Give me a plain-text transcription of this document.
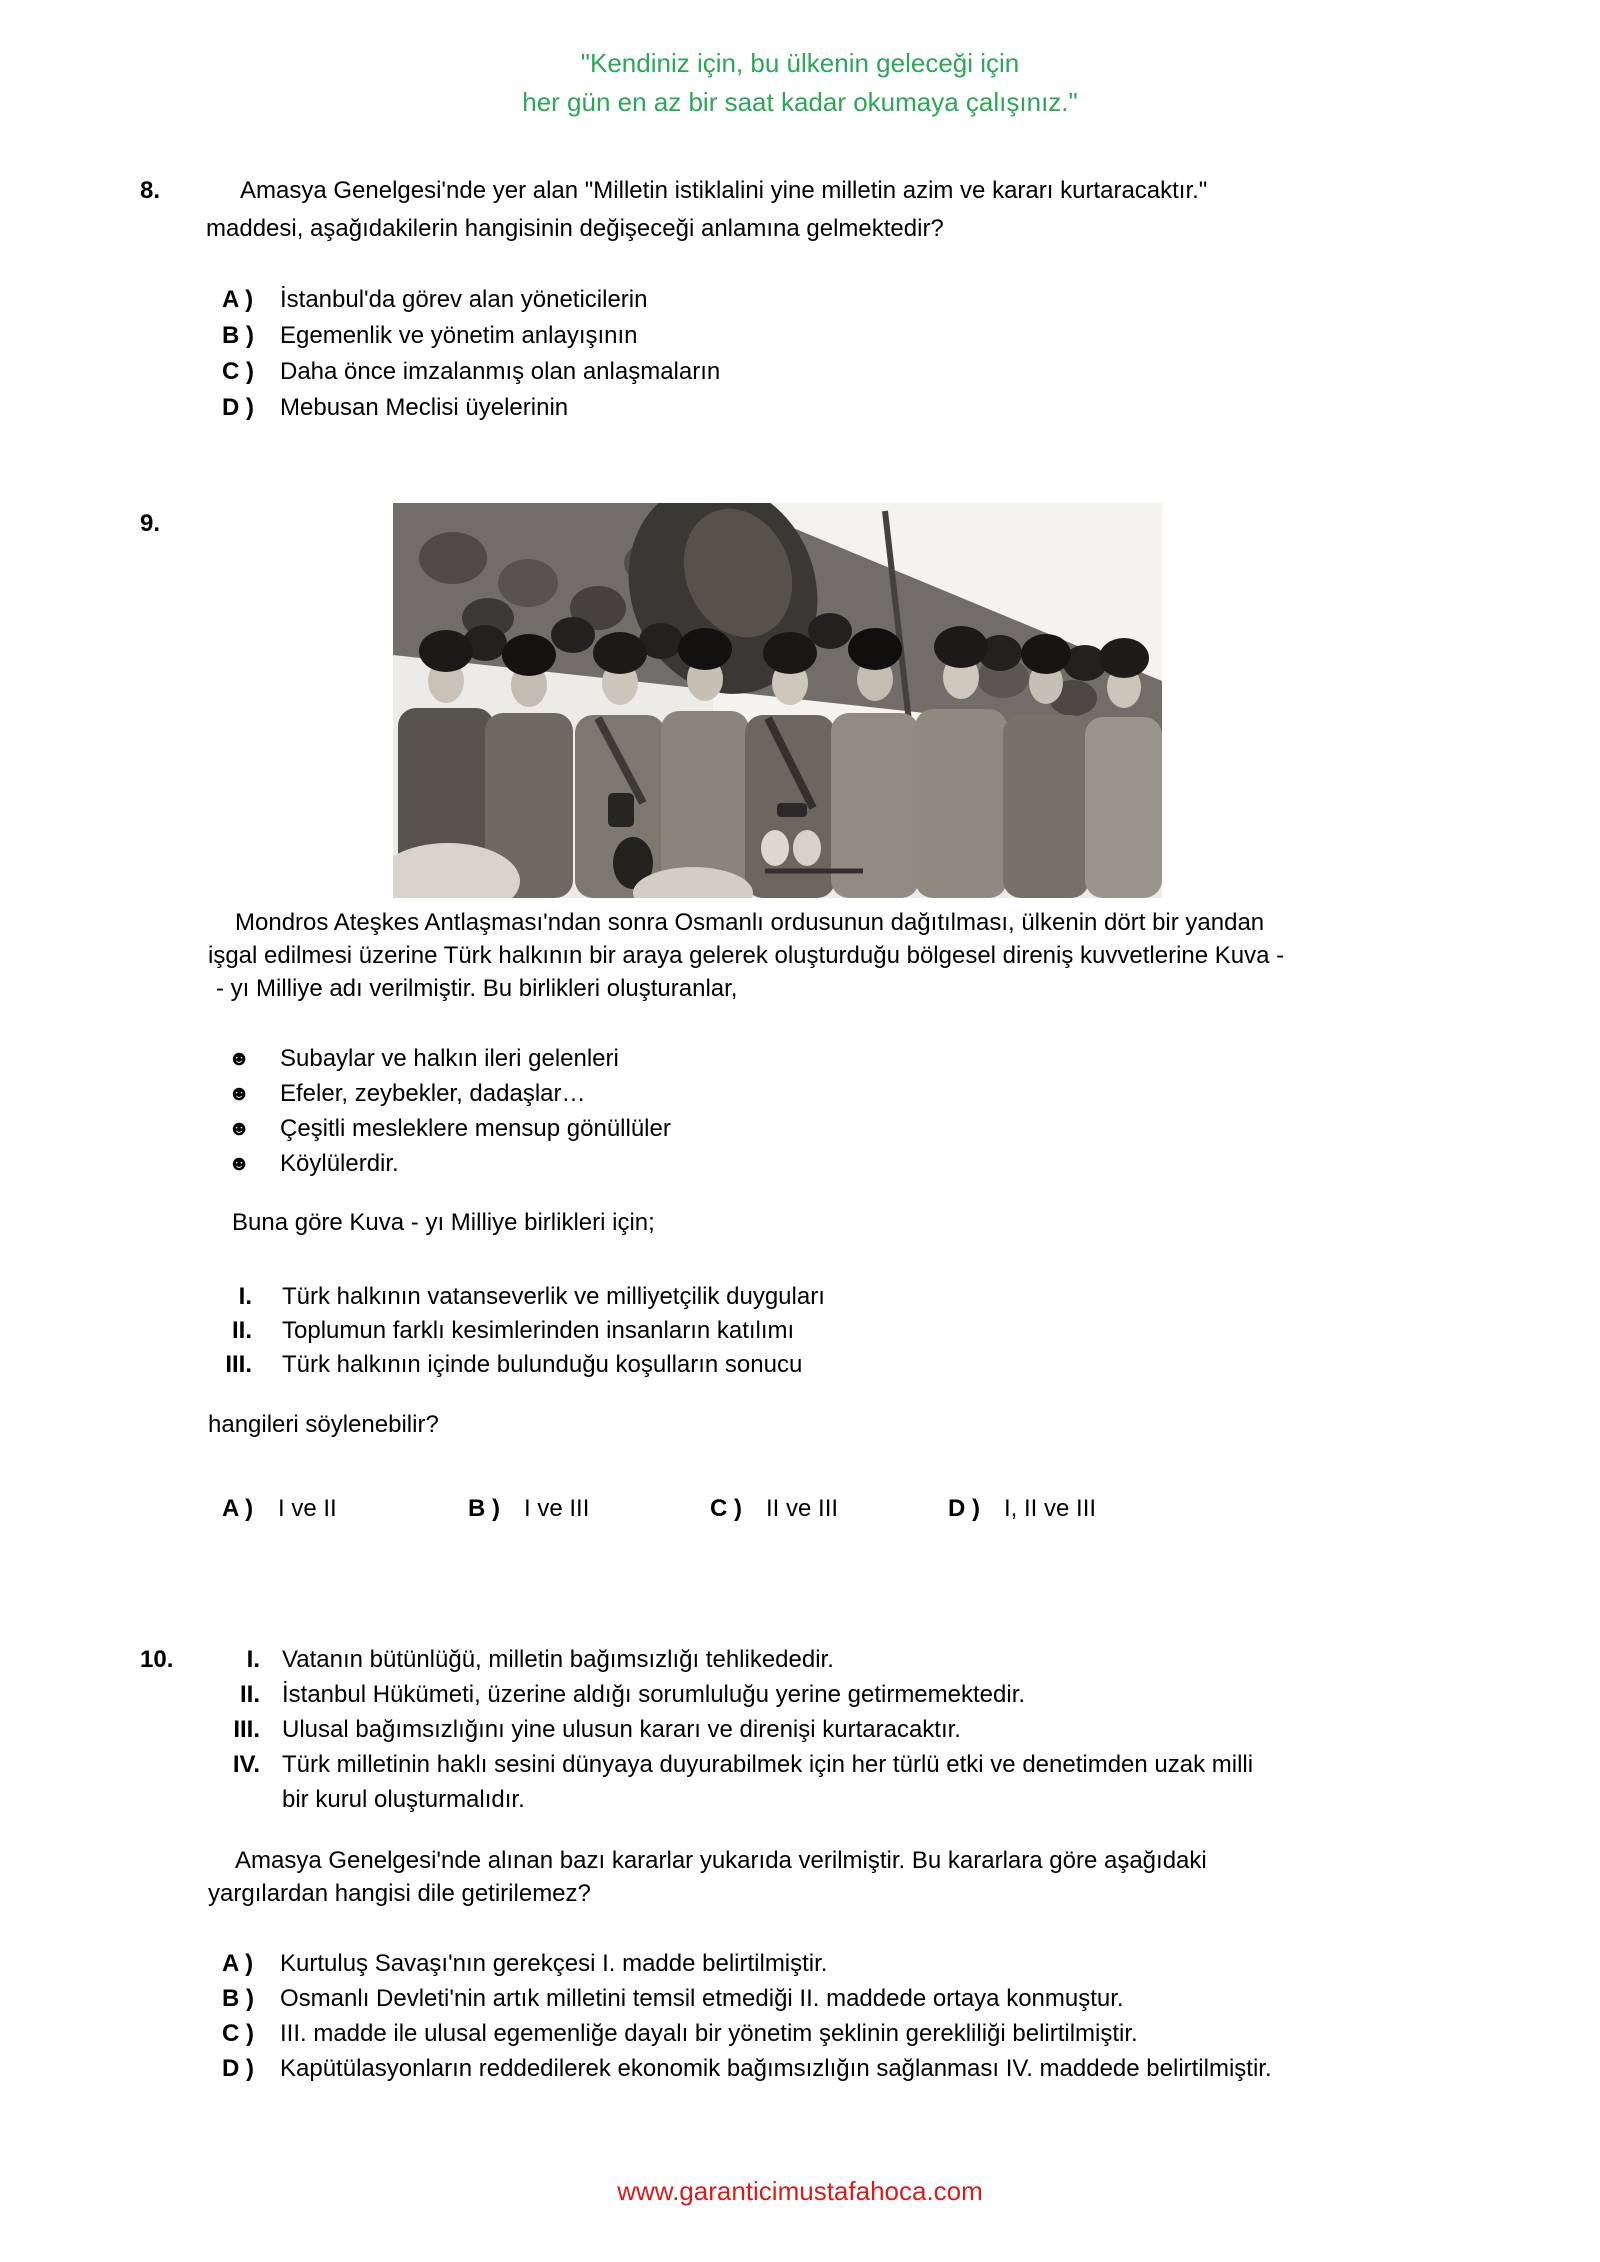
"Kendiniz için, bu ülkenin geleceği için
her gün en az bir saat kadar okumaya çalışınız."
8.	Amasya Genelgesi'nde yer alan "Milletin istiklalini yine milletin azim ve kararı kurtaracaktır."
maddesi, aşağıdakilerin hangisinin değişeceği anlamına gelmektedir?
A )	İstanbul'da görev alan yöneticilerin
B )	Egemenlik ve yönetim anlayışının
C )	Daha önce imzalanmış olan anlaşmaların
D )	Mebusan Meclisi üyelerinin
9.
Mondros Ateşkes Antlaşması'ndan sonra Osmanlı ordusunun dağıtılması, ülkenin dört bir yandan
işgal edilmesi üzerine Türk halkının bir araya gelerek oluşturduğu bölgesel direniş kuvvetlerine Kuva -
- yı Milliye adı verilmiştir. Bu birlikleri oluşturanlar,
☻	Subaylar ve halkın ileri gelenleri
☻	Efeler, zeybekler, dadaşlar…
☻	Çeşitli mesleklere mensup gönüllüler
☻	Köylülerdir.
Buna göre Kuva - yı Milliye birlikleri için;
I. Türk halkının vatanseverlik ve milliyetçilik duyguları
II. Toplumun farklı kesimlerinden insanların katılımı
III. Türk halkının içinde bulunduğu koşulların sonucu
hangileri söylenebilir?
A )	I ve II	B )	I ve III	C )	II ve III	D )	I, II ve III
10.	I. Vatanın bütünlüğü, milletin bağımsızlığı tehlikededir.
II. İstanbul Hükümeti, üzerine aldığı sorumluluğu yerine getirmemektedir.
III. Ulusal bağımsızlığını yine ulusun kararı ve direnişi kurtaracaktır.
IV. Türk milletinin haklı sesini dünyaya duyurabilmek için her türlü etki ve denetimden uzak milli
bir kurul oluşturmalıdır.
Amasya Genelgesi'nde alınan bazı kararlar yukarıda verilmiştir. Bu kararlara göre aşağıdaki
yargılardan hangisi dile getirilemez?
A )	Kurtuluş Savaşı'nın gerekçesi I. madde belirtilmiştir.
B )	Osmanlı Devleti'nin artık milletini temsil etmediği II. maddede ortaya konmuştur.
C )	III. madde ile ulusal egemenliğe dayalı bir yönetim şeklinin gerekliliği belirtilmiştir.
D )	Kapütülasyonların reddedilerek ekonomik bağımsızlığın sağlanması IV. maddede belirtilmiştir.
www.garanticimustafahoca.com
